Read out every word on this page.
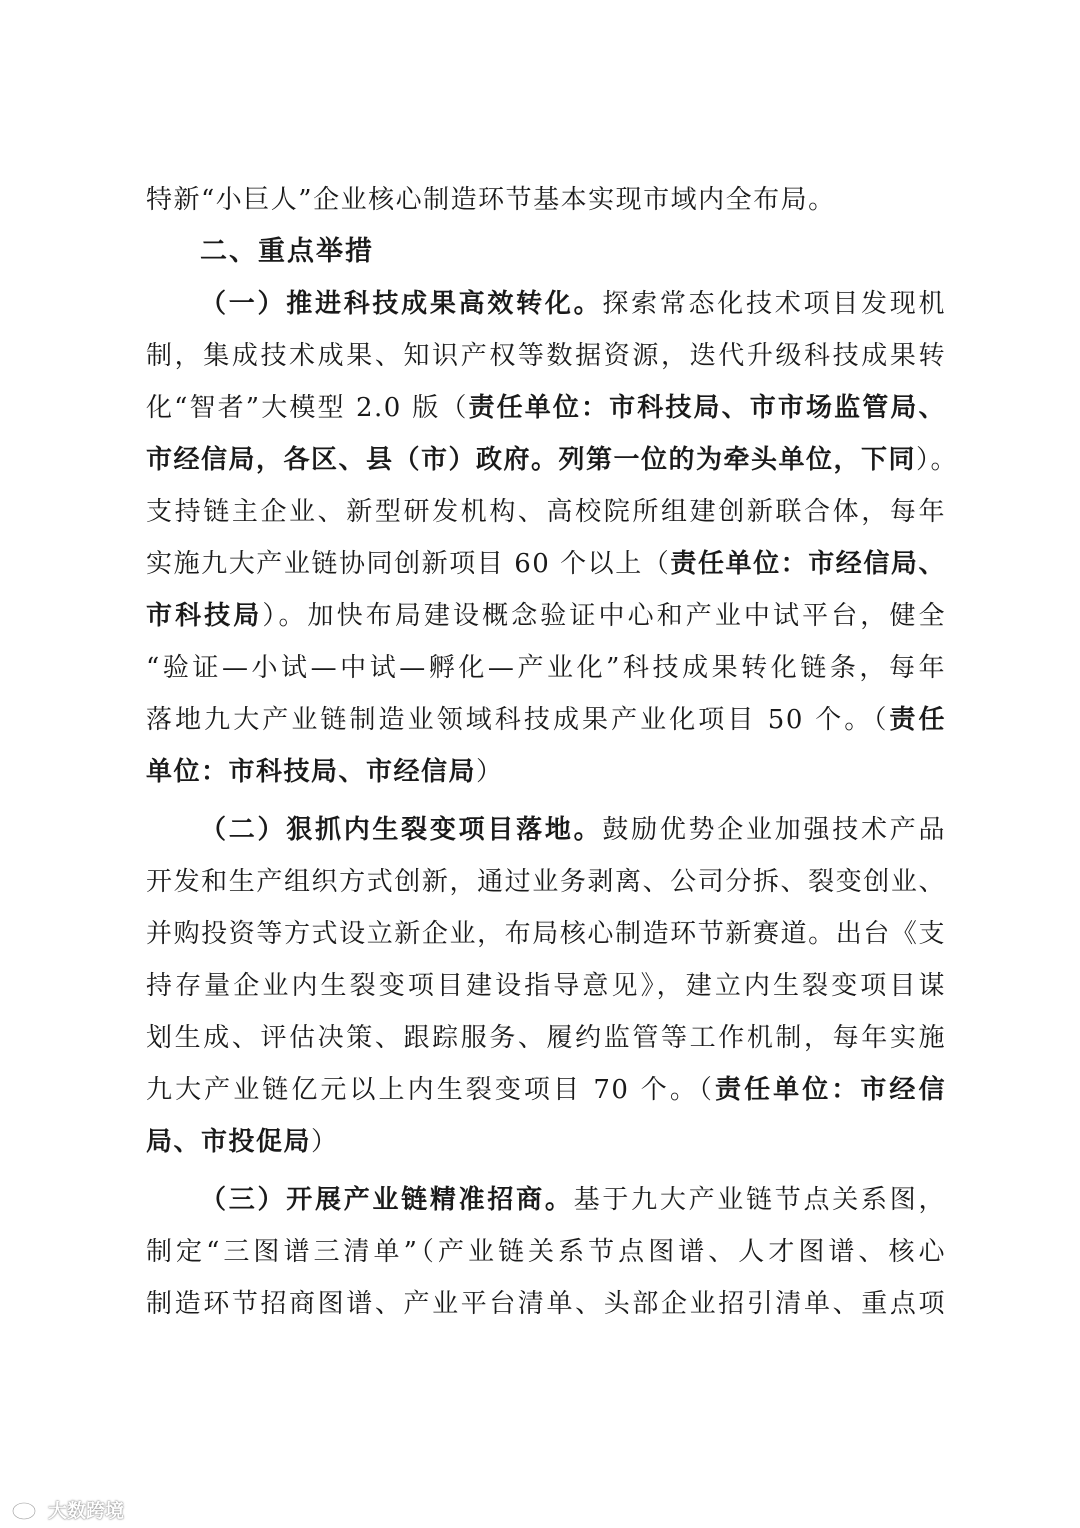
特新“小巨人”企业核心制造环节基本实现市域内全布局。
二、重点举措
（一）推进科技成果高效转化。探索常态化技术项目发现机
制，集成技术成果、知识产权等数据资源，迭代升级科技成果转
化“智者”大模型 2.0 版（责任单位：市科技局、市市场监管局、
市经信局，各区、县（市）政府。列第一位的为牵头单位，下同）。
支持链主企业、新型研发机构、高校院所组建创新联合体，每年
实施九大产业链协同创新项目 60 个以上（责任单位：市经信局、
市科技局）。加快布局建设概念验证中心和产业中试平台，健全
“验证—小试—中试—孵化—产业化”科技成果转化链条，每年
落地九大产业链制造业领域科技成果产业化项目 50 个。（责任
单位：市科技局、市经信局）
（二）狠抓内生裂变项目落地。鼓励优势企业加强技术产品
开发和生产组织方式创新，通过业务剥离、公司分拆、裂变创业、
并购投资等方式设立新企业，布局核心制造环节新赛道。出台《支
持存量企业内生裂变项目建设指导意见》，建立内生裂变项目谋
划生成、评估决策、跟踪服务、履约监管等工作机制，每年实施
九大产业链亿元以上内生裂变项目 70 个。（责任单位：市经信
局、市投促局）
（三）开展产业链精准招商。基于九大产业链节点关系图，
制定“三图谱三清单”（产业链关系节点图谱、人才图谱、核心
制造环节招商图谱、产业平台清单、头部企业招引清单、重点项
大数跨境
